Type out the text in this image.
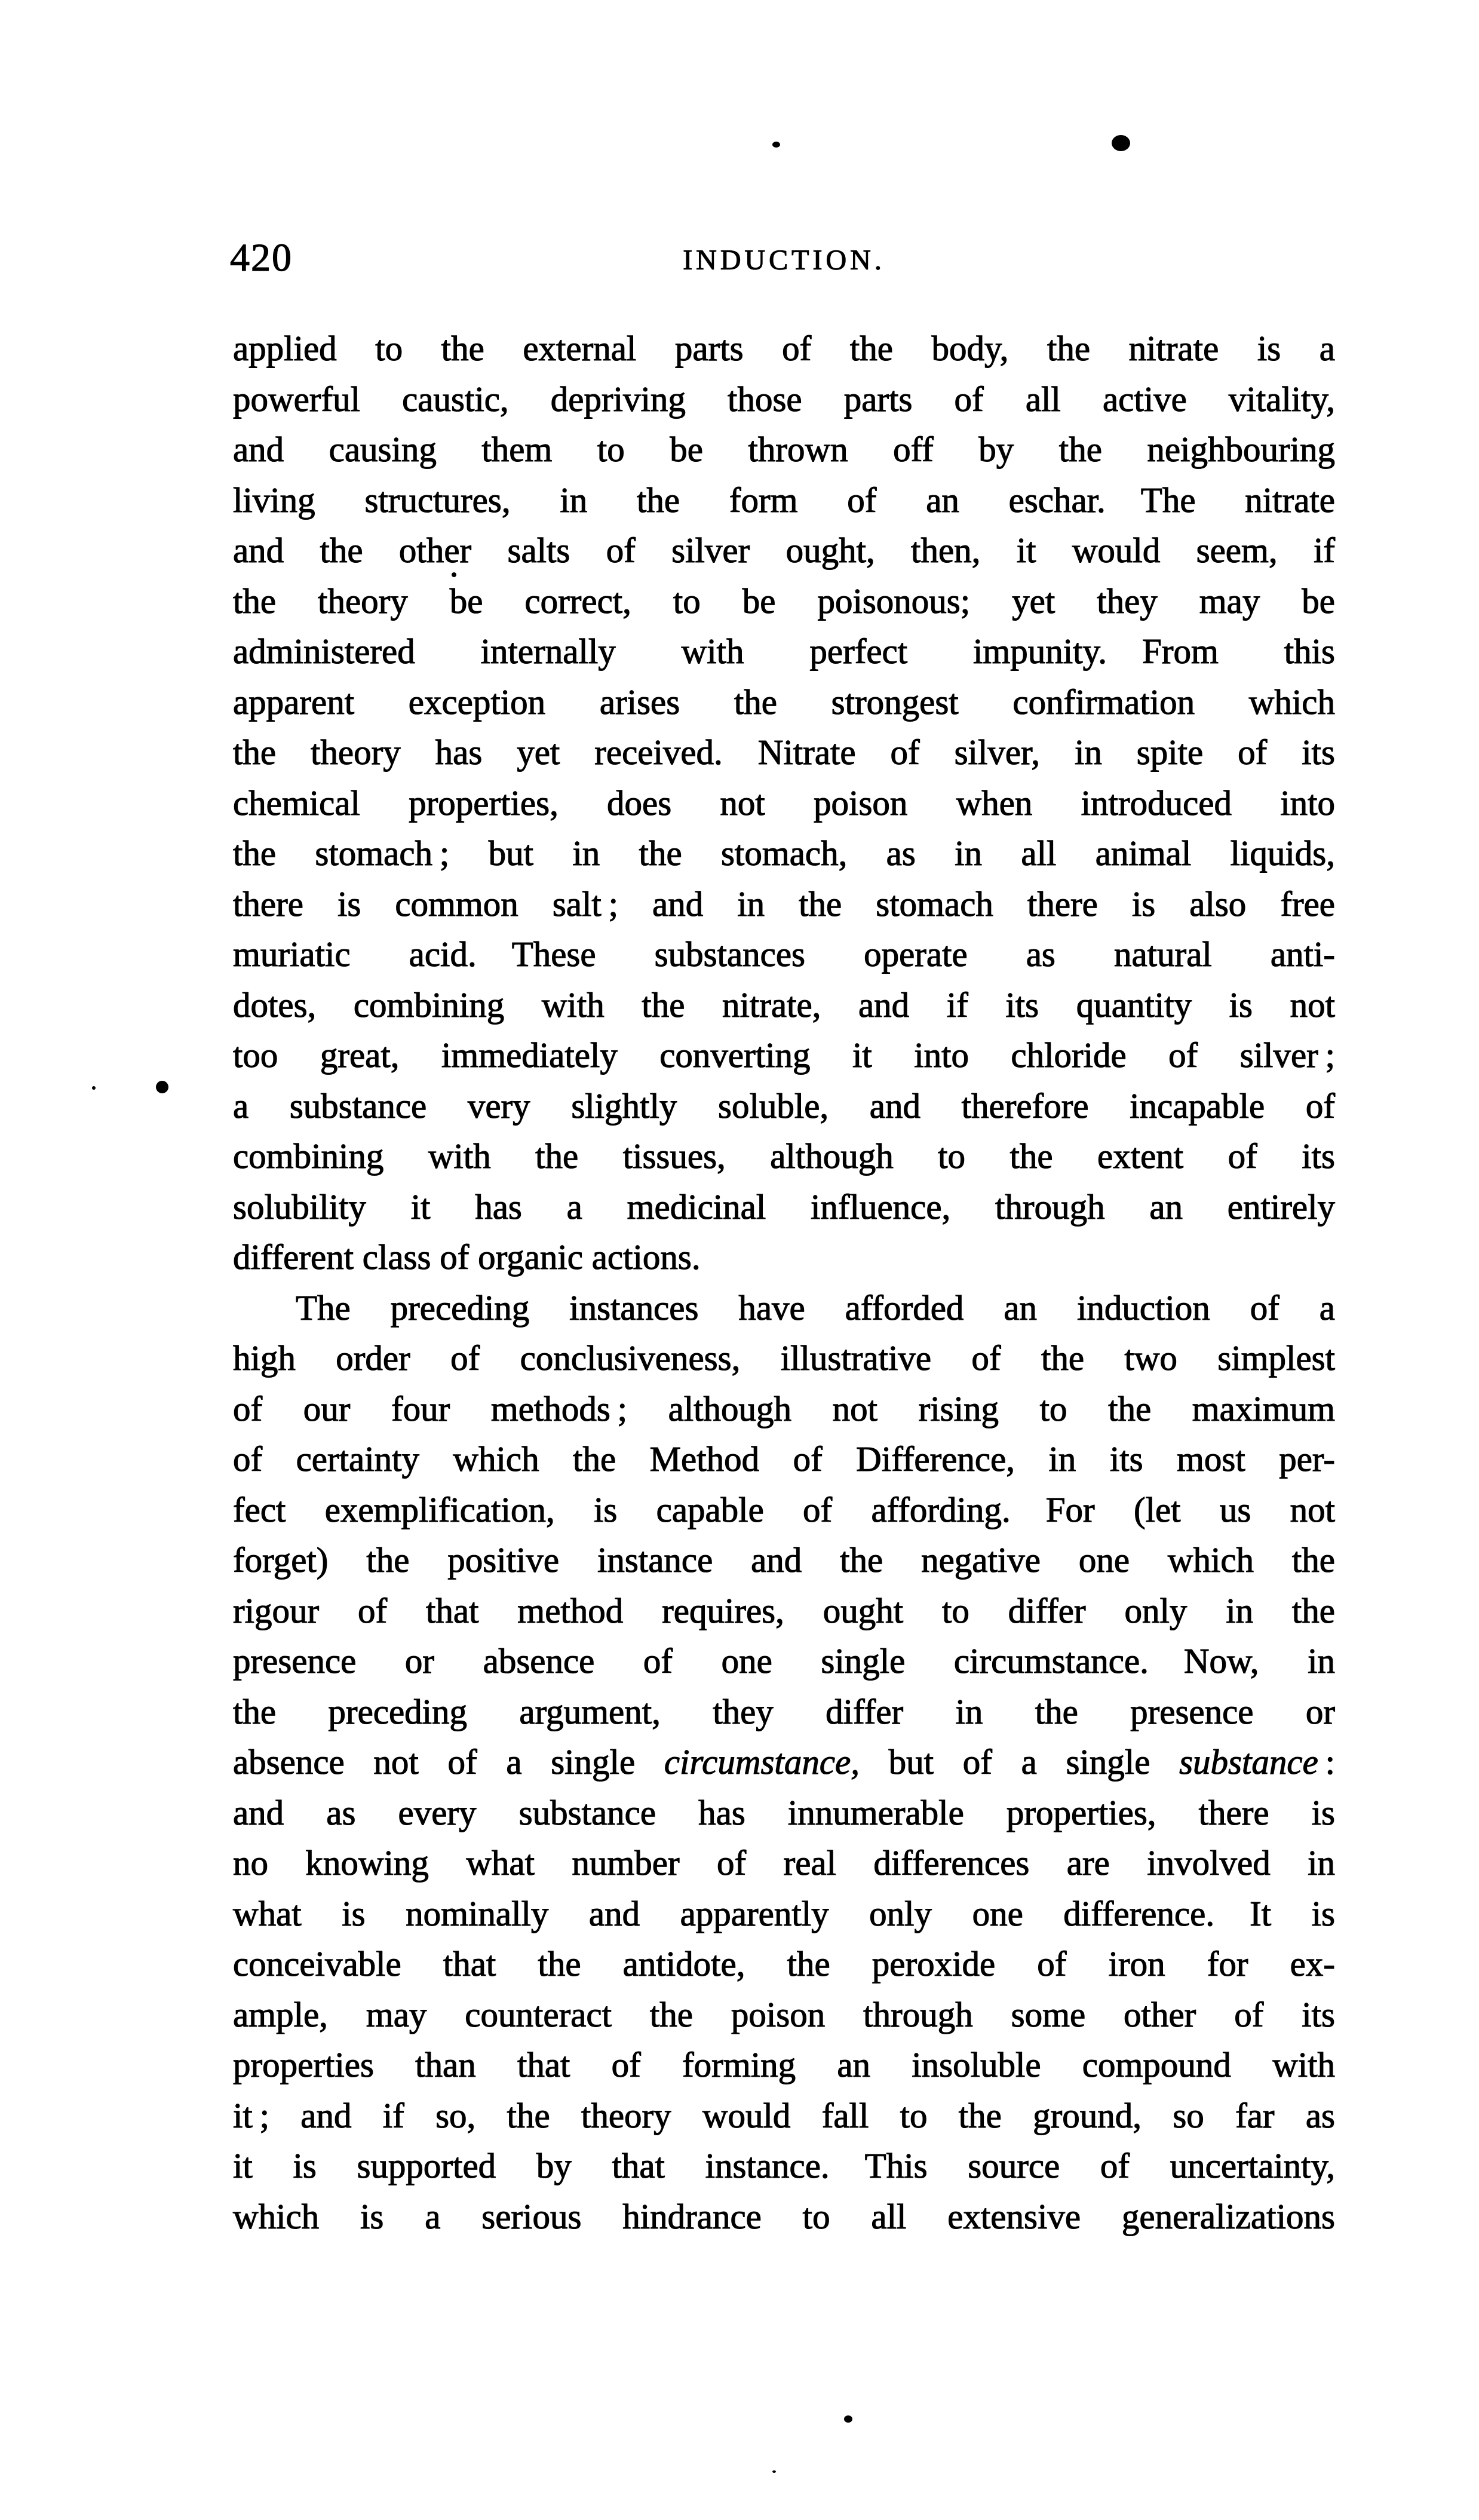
420	INDUCTION.
applied to the external parts of the body, the nitrate is a
powerful caustic, depriving those parts of all active vitality,
and causing them to be thrown off by the neighbouring
living structures, in the form of an eschar. The nitrate
and the other salts of silver ought, then, it would seem, if
the theory be correct, to be poisonous; yet they may be
administered internally with perfect impunity. From this
apparent exception arises the strongest confirmation which
the theory has yet received. Nitrate of silver, in spite of its
chemical properties, does not poison when introduced into
the stomach ; but in the stomach, as in all animal liquids,
there is common salt ; and in the stomach there is also free
muriatic acid. These substances operate as natural anti-
dotes, combining with the nitrate, and if its quantity is not
too great, immediately converting it into chloride of silver ;
a substance very slightly soluble, and therefore incapable of
combining with the tissues, although to the extent of its
solubility it has a medicinal influence, through an entirely
different class of organic actions.
The preceding instances have afforded an induction of a
high order of conclusiveness, illustrative of the two simplest
of our four methods ; although not rising to the maximum
of certainty which the Method of Difference, in its most per-
fect exemplification, is capable of affording. For (let us not
forget) the positive instance and the negative one which the
rigour of that method requires, ought to differ only in the
presence or absence of one single circumstance. Now, in
the preceding argument, they differ in the presence or
absence not of a single circumstance, but of a single substance :
and as every substance has innumerable properties, there is
no knowing what number of real differences are involved in
what is nominally and apparently only one difference. It is
conceivable that the antidote, the peroxide of iron for ex-
ample, may counteract the poison through some other of its
properties than that of forming an insoluble compound with
it ; and if so, the theory would fall to the ground, so far as
it is supported by that instance. This source of uncertainty,
which is a serious hindrance to all extensive generalizations
